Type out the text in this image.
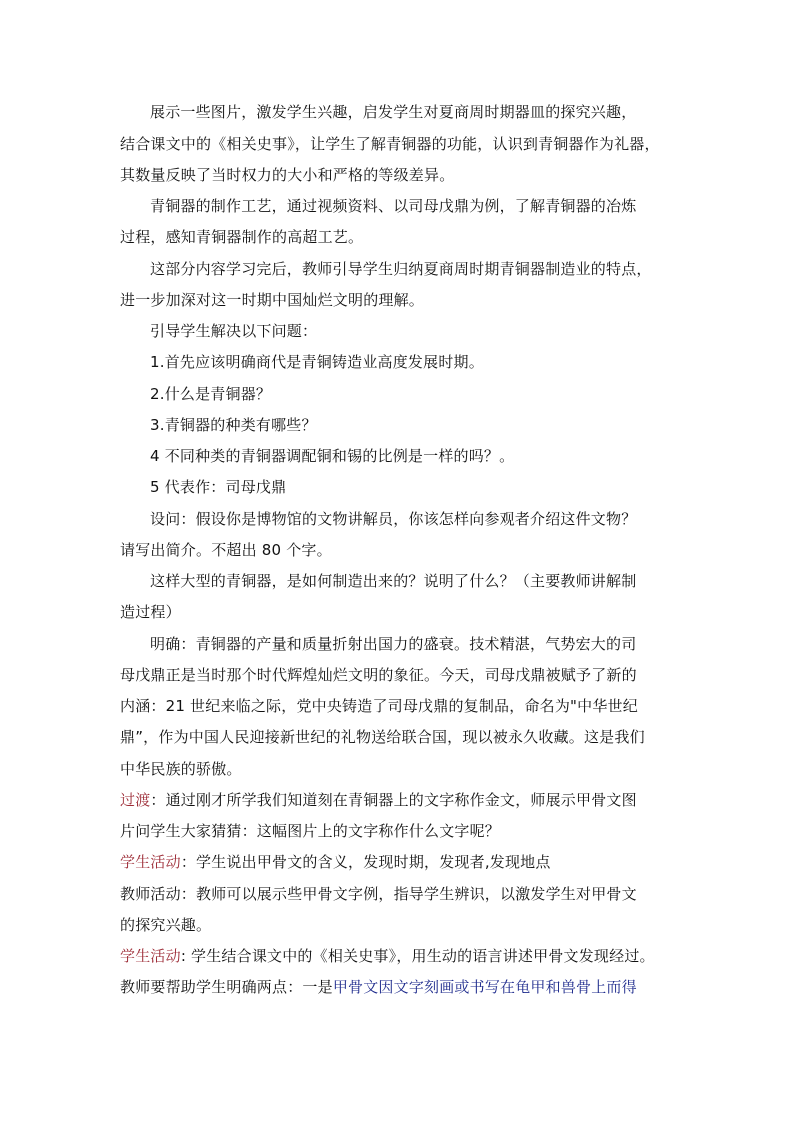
展示一些图片，激发学生兴趣，启发学生对夏商周时期器皿的探究兴趣，
结合课文中的《相关史事》，让学生了解青铜器的功能，认识到青铜器作为礼器，
其数量反映了当时权力的大小和严格的等级差异。
青铜器的制作工艺，通过视频资料、以司母戊鼎为例，了解青铜器的冶炼
过程，感知青铜器制作的高超工艺。
这部分内容学习完后，教师引导学生归纳夏商周时期青铜器制造业的特点，
进一步加深对这一时期中国灿烂文明的理解。
引导学生解决以下问题：
1.首先应该明确商代是青铜铸造业高度发展时期。
2.什么是青铜器？
3.青铜器的种类有哪些？
4 不同种类的青铜器调配铜和锡的比例是一样的吗？。
5 代表作：司母戊鼎
设问：假设你是博物馆的文物讲解员，你该怎样向参观者介绍这件文物？
请写出简介。不超出 80 个字。
这样大型的青铜器，是如何制造出来的？说明了什么？（主要教师讲解制
造过程）
明确：青铜器的产量和质量折射出国力的盛衰。技术精湛，气势宏大的司
母戊鼎正是当时那个时代辉煌灿烂文明的象征。今天，司母戊鼎被赋予了新的
内涵：21 世纪来临之际，党中央铸造了司母戊鼎的复制品，命名为"中华世纪
鼎”，作为中国人民迎接新世纪的礼物送给联合国，现以被永久收藏。这是我们
中华民族的骄傲。
过渡：通过刚才所学我们知道刻在青铜器上的文字称作金文，师展示甲骨文图
片问学生大家猜猜：这幅图片上的文字称作什么文字呢？
学生活动：学生说出甲骨文的含义，发现时期，发现者,发现地点
教师活动：教师可以展示些甲骨文字例，指导学生辨识，以激发学生对甲骨文
的探究兴趣。
学生活动: 学生结合课文中的《相关史事》，用生动的语言讲述甲骨文发现经过。
教师要帮助学生明确两点：一是甲骨文因文字刻画或书写在龟甲和兽骨上而得
